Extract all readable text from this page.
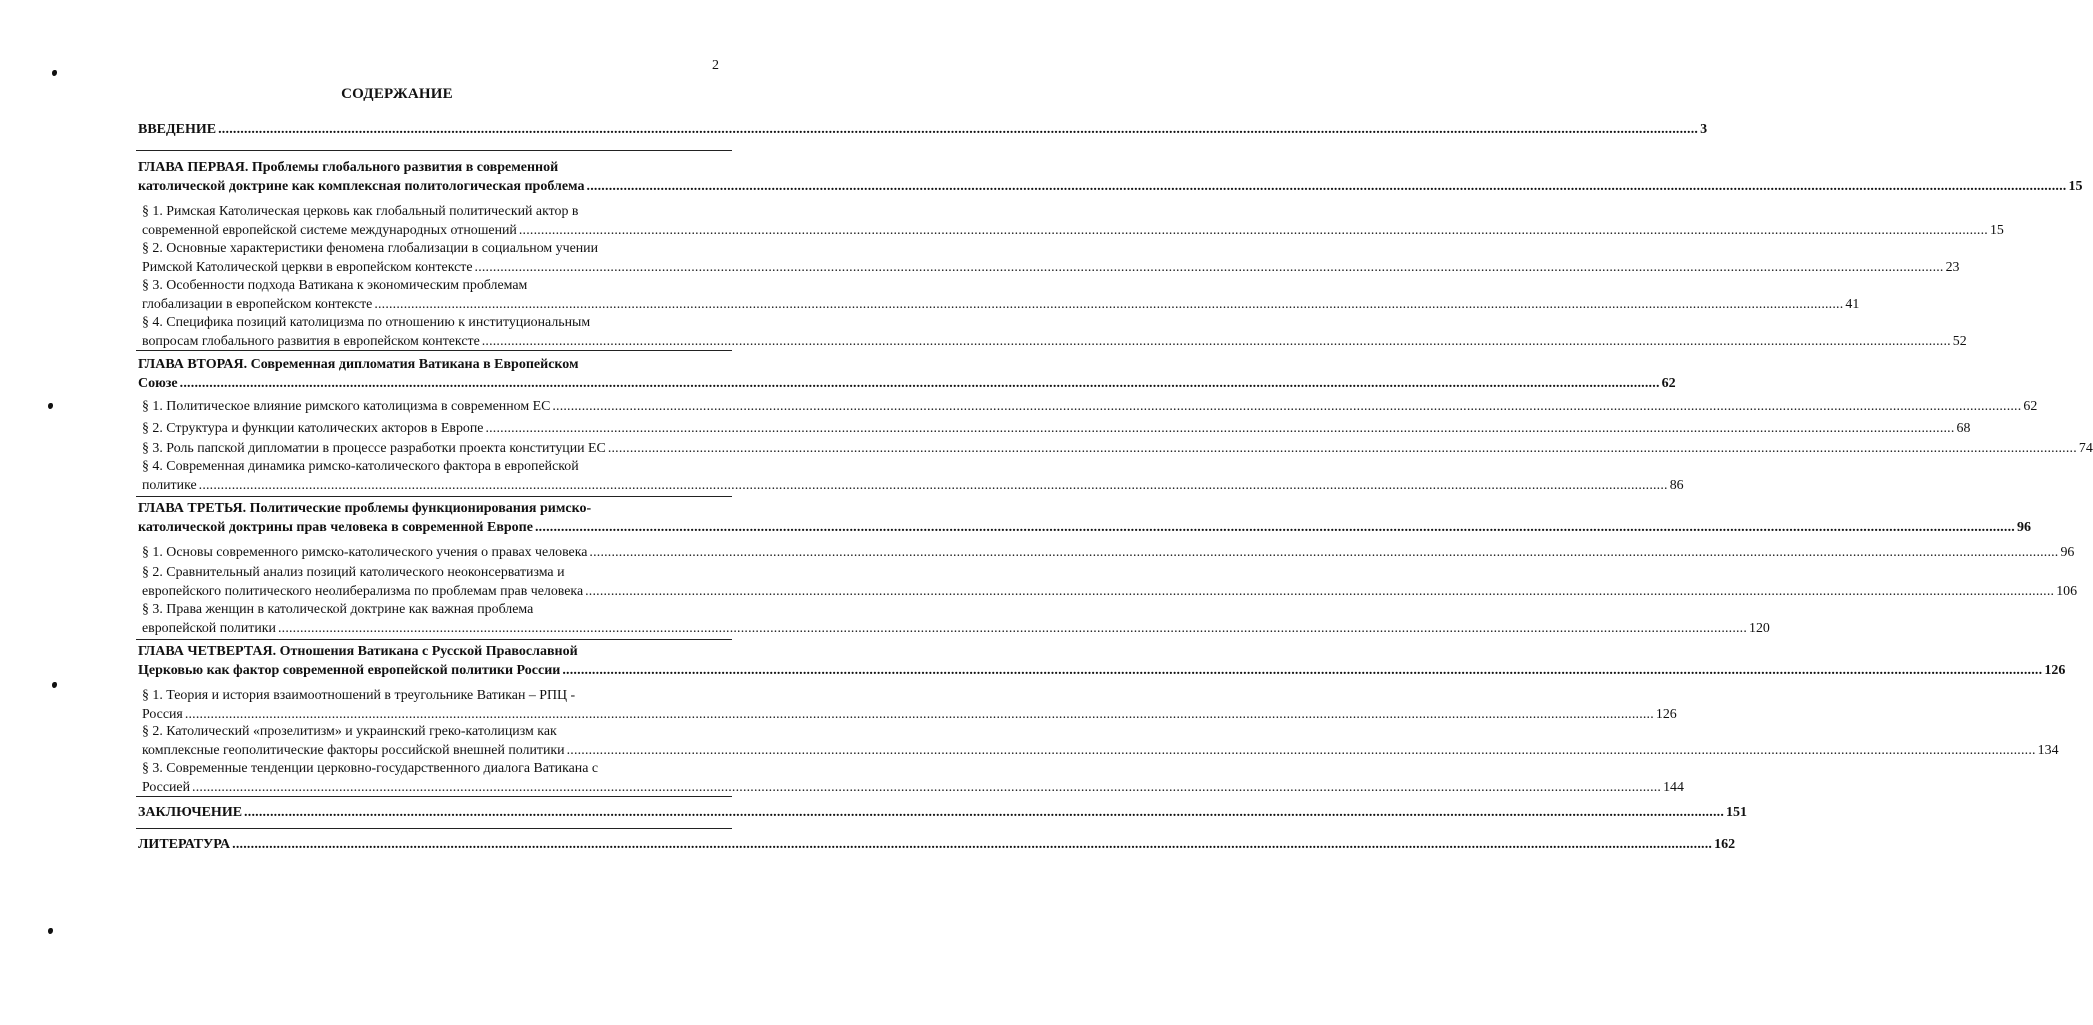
2
СОДЕРЖАНИЕ
ВВЕДЕНИЕ ................................................................................................................................................................................................................................................................................................................................................................................................................ 3
ГЛАВА ПЕРВАЯ. Проблемы глобального развития в современной
католической доктрине как комплексная политологическая проблема ................................................................................................................................................................................................................................................................................................................................................................................................................ 15
§ 1. Римская Католическая церковь как глобальный политический актор в
современной европейской системе международных отношений ................................................................................................................................................................................................................................................................................................................................................................................................................ 15
§ 2. Основные характеристики феномена глобализации в социальном учении
Римской Католической церкви в европейском контексте ................................................................................................................................................................................................................................................................................................................................................................................................................ 23
§ 3. Особенности подхода Ватикана к экономическим проблемам
глобализации в европейском контексте ................................................................................................................................................................................................................................................................................................................................................................................................................ 41
§ 4. Специфика позиций католицизма по отношению к институциональным
вопросам глобального развития в европейском контексте ................................................................................................................................................................................................................................................................................................................................................................................................................ 52
ГЛАВА ВТОРАЯ. Современная дипломатия Ватикана в Европейском
Союзе ................................................................................................................................................................................................................................................................................................................................................................................................................ 62
§ 1. Политическое влияние римского католицизма в современном ЕС ................................................................................................................................................................................................................................................................................................................................................................................................................ 62
§ 2. Структура и функции католических акторов в Европе ................................................................................................................................................................................................................................................................................................................................................................................................................ 68
§ 3. Роль папской дипломатии в процессе разработки проекта конституции ЕС ................................................................................................................................................................................................................................................................................................................................................................................................................ 74
§ 4. Современная динамика римско-католического фактора в европейской
политике ................................................................................................................................................................................................................................................................................................................................................................................................................ 86
ГЛАВА ТРЕТЬЯ. Политические проблемы функционирования римско-
католической доктрины прав человека в современной Европе ................................................................................................................................................................................................................................................................................................................................................................................................................ 96
§ 1. Основы современного римско-католического учения о правах человека ................................................................................................................................................................................................................................................................................................................................................................................................................ 96
§ 2. Сравнительный анализ позиций католического неоконсерватизма и
европейского политического неолиберализма по проблемам прав человека ................................................................................................................................................................................................................................................................................................................................................................................................................ 106
§ 3. Права женщин в католической доктрине как важная проблема
европейской политики ................................................................................................................................................................................................................................................................................................................................................................................................................ 120
ГЛАВА ЧЕТВЕРТАЯ. Отношения Ватикана с Русской Православной
Церковью как фактор современной европейской политики России ................................................................................................................................................................................................................................................................................................................................................................................................................ 126
§ 1. Теория и история взаимоотношений в треугольнике Ватикан – РПЦ -
Россия ................................................................................................................................................................................................................................................................................................................................................................................................................ 126
§ 2. Католический «прозелитизм» и украинский греко-католицизм как
комплексные геополитические факторы российской внешней политики ................................................................................................................................................................................................................................................................................................................................................................................................................ 134
§ 3. Современные тенденции церковно-государственного диалога Ватикана с
Россией ................................................................................................................................................................................................................................................................................................................................................................................................................ 144
ЗАКЛЮЧЕНИЕ ................................................................................................................................................................................................................................................................................................................................................................................................................ 151
ЛИТЕРАТУРА ................................................................................................................................................................................................................................................................................................................................................................................................................ 162
